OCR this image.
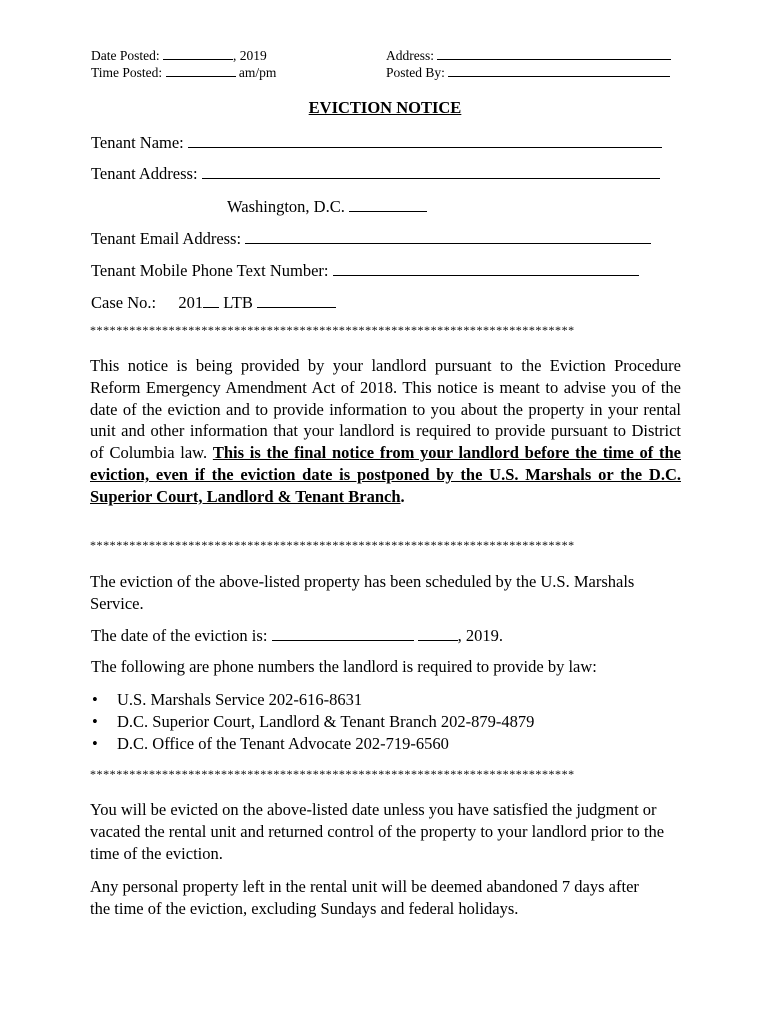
Date Posted:	, 2019
Time Posted:	am/pm
Address:
Posted By:
EVICTION NOTICE
Tenant Name:
Tenant Address:
Washington, D.C.
Tenant Email Address:
Tenant Mobile Phone Text Number:
Case No.: 201 LTB
**************************************************************************
This notice is being provided by your landlord pursuant to the Eviction Procedure Reform Emergency Amendment Act of 2018. This notice is meant to advise you of the date of the eviction and to provide information to you about the property in your rental unit and other information that your landlord is required to provide pursuant to District of Columbia law. This is the final notice from your landlord before the time of the eviction, even if the eviction date is postponed by the U.S. Marshals or the D.C. Superior Court, Landlord & Tenant Branch.
**************************************************************************
The eviction of the above-listed property has been scheduled by the U.S. Marshals Service.
The date of the eviction is:	, 2019.
The following are phone numbers the landlord is required to provide by law:
• U.S. Marshals Service 202-616-8631
• D.C. Superior Court, Landlord & Tenant Branch 202-879-4879
• D.C. Office of the Tenant Advocate 202-719-6560
**************************************************************************
You will be evicted on the above-listed date unless you have satisfied the judgment or vacated the rental unit and returned control of the property to your landlord prior to the time of the eviction.
Any personal property left in the rental unit will be deemed abandoned 7 days after the time of the eviction, excluding Sundays and federal holidays.
